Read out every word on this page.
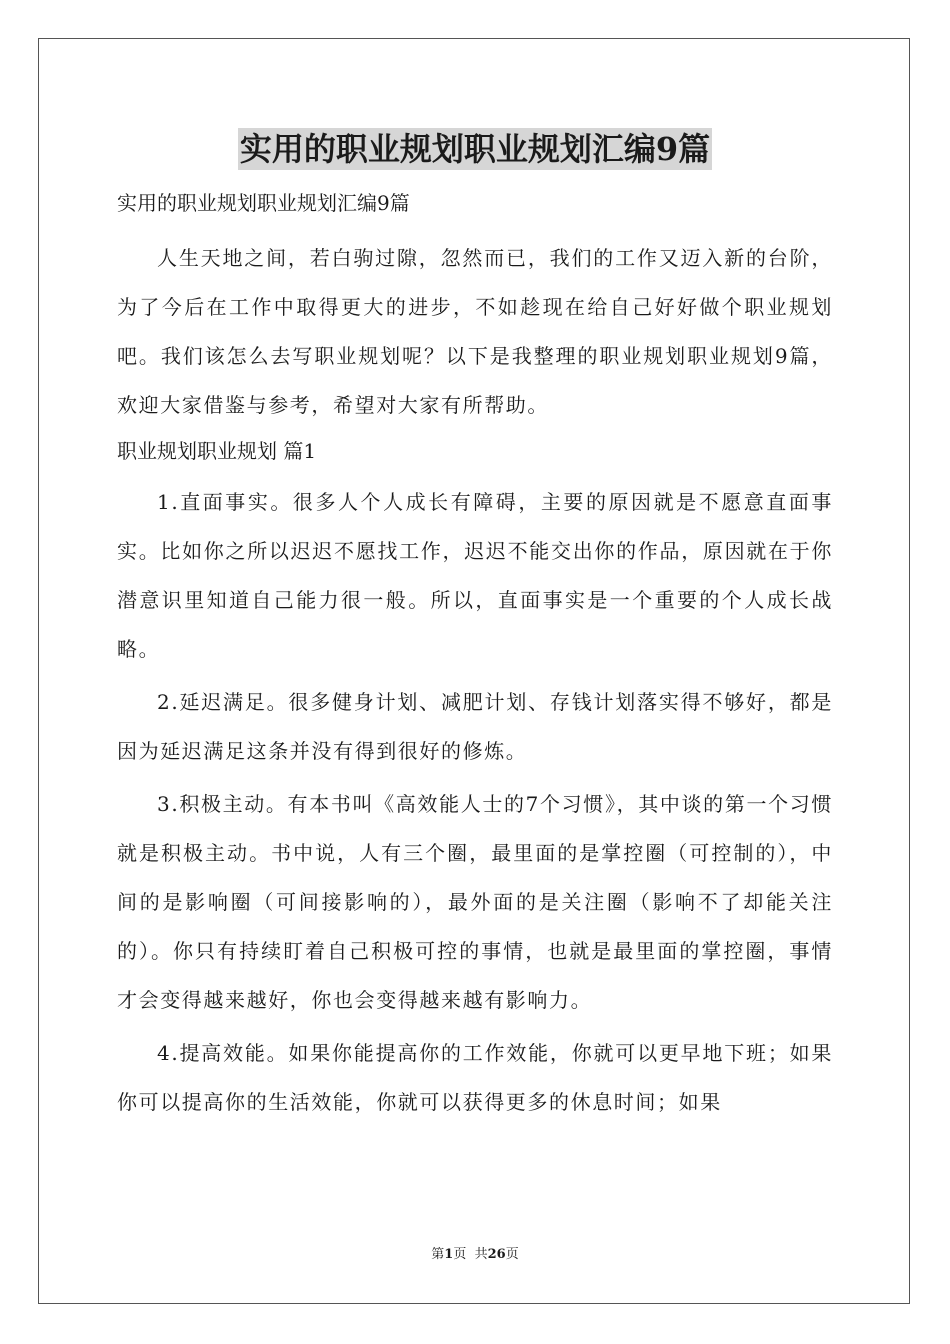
实用的职业规划职业规划汇编9篇
实用的职业规划职业规划汇编9篇

人生天地之间，若白驹过隙，忽然而已，我们的工作又迈入新的台阶，为了今后在工作中取得更大的进步，不如趁现在给自己好好做个职业规划吧。我们该怎么去写职业规划呢？以下是我整理的职业规划职业规划9篇，欢迎大家借鉴与参考，希望对大家有所帮助。

职业规划职业规划 篇1

1.直面事实。很多人个人成长有障碍，主要的原因就是不愿意直面事实。比如你之所以迟迟不愿找工作，迟迟不能交出你的作品，原因就在于你潜意识里知道自己能力很一般。所以，直面事实是一个重要的个人成长战略。

2.延迟满足。很多健身计划、减肥计划、存钱计划落实得不够好，都是因为延迟满足这条并没有得到很好的修炼。

3.积极主动。有本书叫《高效能人士的7个习惯》，其中谈的第一个习惯就是积极主动。书中说，人有三个圈，最里面的是掌控圈（可控制的），中间的是影响圈（可间接影响的），最外面的是关注圈（影响不了却能关注的）。你只有持续盯着自己积极可控的事情，也就是最里面的掌控圈，事情才会变得越来越好，你也会变得越来越有影响力。

4.提高效能。如果你能提高你的工作效能，你就可以更早地下班；如果你可以提高你的生活效能，你就可以获得更多的休息时间；如果

第1页  共26页
